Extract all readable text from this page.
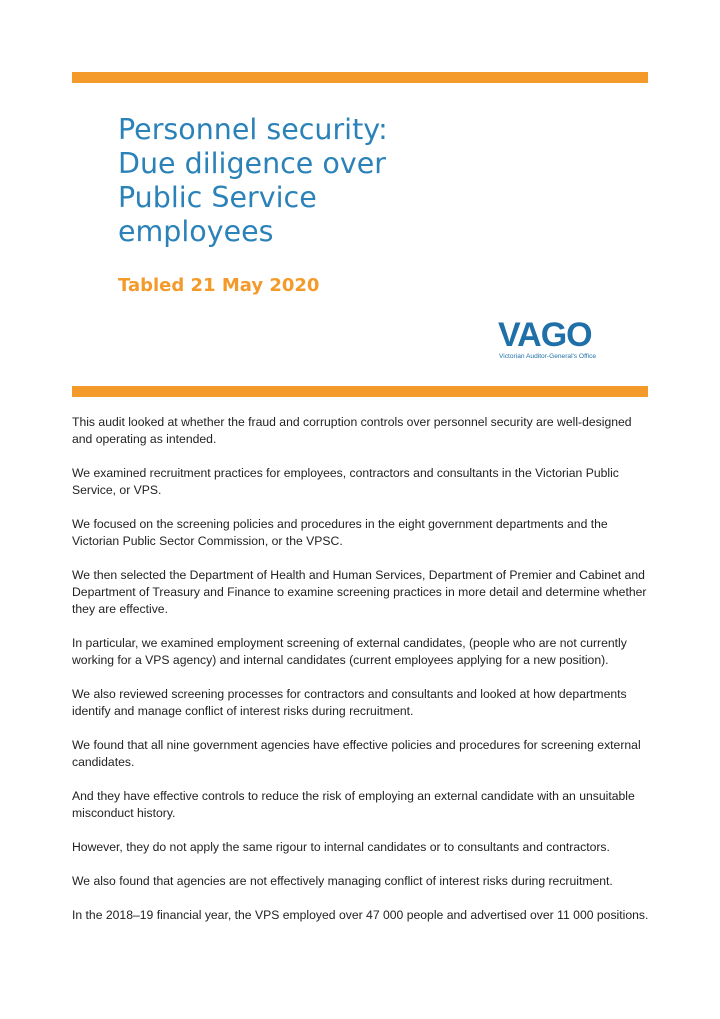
Personnel security:
Due diligence over
Public Service
employees

Tabled 21 May 2020

VAGO
Victorian Auditor-General's Office

This audit looked at whether the fraud and corruption controls over personnel security are well-designed and operating as intended.

We examined recruitment practices for employees, contractors and consultants in the Victorian Public Service, or VPS.

We focused on the screening policies and procedures in the eight government departments and the Victorian Public Sector Commission, or the VPSC.

We then selected the Department of Health and Human Services, Department of Premier and Cabinet and Department of Treasury and Finance to examine screening practices in more detail and determine whether they are effective.

In particular, we examined employment screening of external candidates, (people who are not currently working for a VPS agency) and internal candidates (current employees applying for a new position).

We also reviewed screening processes for contractors and consultants and looked at how departments identify and manage conflict of interest risks during recruitment.

We found that all nine government agencies have effective policies and procedures for screening external candidates.

And they have effective controls to reduce the risk of employing an external candidate with an unsuitable misconduct history.

However, they do not apply the same rigour to internal candidates or to consultants and contractors.

We also found that agencies are not effectively managing conflict of interest risks during recruitment.

In the 2018–19 financial year, the VPS employed over 47 000 people and advertised over 11 000 positions.
